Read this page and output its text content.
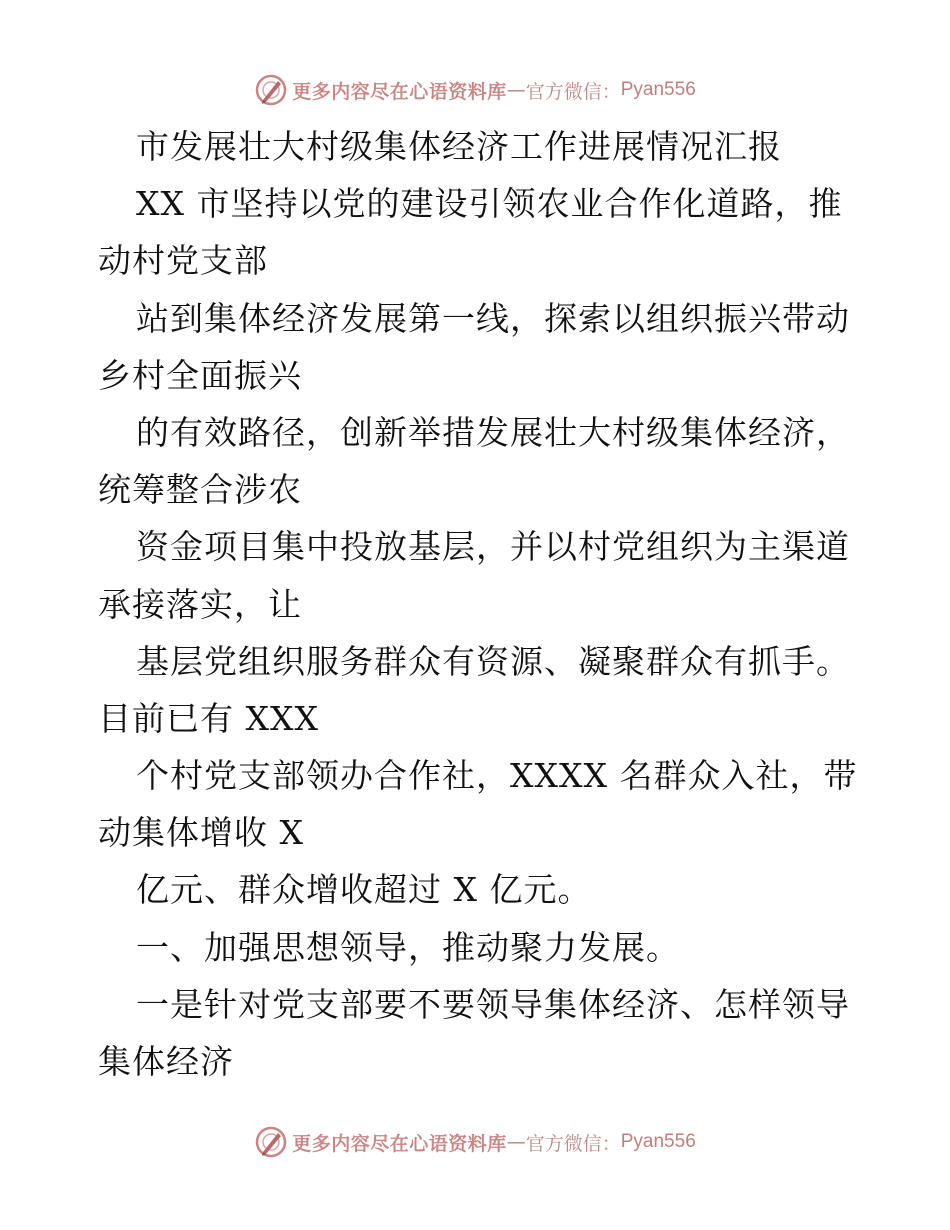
更多内容尽在心语资料库 — 官方微信： Pyan556
市发展壮大村级集体经济工作进展情况汇报
XX 市坚持以党的建设引领农业合作化道路，推
动村党支部
站到集体经济发展第一线，探索以组织振兴带动
乡村全面振兴
的有效路径，创新举措发展壮大村级集体经济，
统筹整合涉农
资金项目集中投放基层，并以村党组织为主渠道
承接落实，让
基层党组织服务群众有资源、凝聚群众有抓手。
目前已有 XXX
个村党支部领办合作社，XXXX 名群众入社，带
动集体增收 X
亿元、群众增收超过 X 亿元。
一、加强思想领导，推动聚力发展。
一是针对党支部要不要领导集体经济、怎样领导
集体经济
更多内容尽在心语资料库 — 官方微信： Pyan556
